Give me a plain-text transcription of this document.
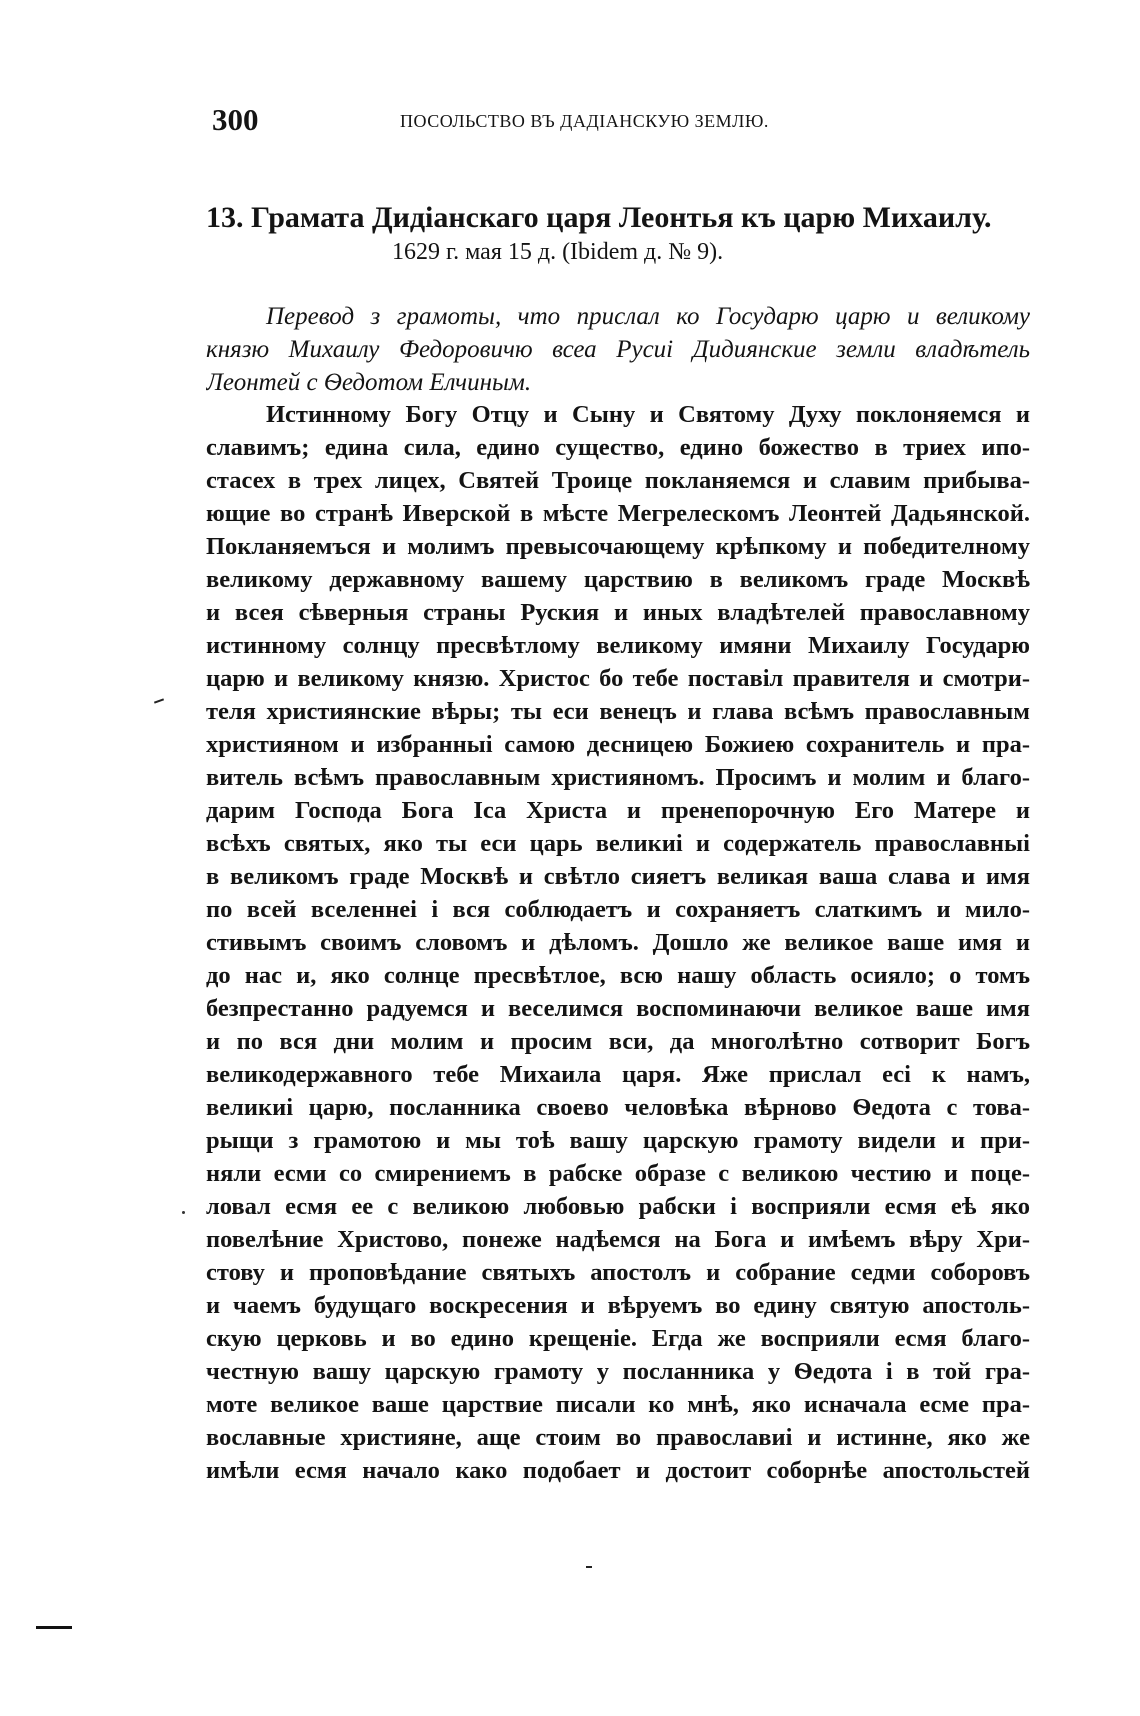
300	ПОСОЛЬСТВО ВЪ ДАДІАНСКУЮ ЗЕМЛЮ.
13. Грамата Дидіанскаго царя Леонтья къ царю Михаилу.
1629 г. мая 15 д. (Ibidem д. № 9).
Перевод з грамоты, что прислал ко Государю царю и великому
князю Михаилу Федоровичю всеа Русиі Дидиянские земли владѣтель
Леонтей с Ѳедотом Елчиным.
Истинному Богу Отцу и Сыну и Святому Духу поклоняемся и
славимъ; едина сила, едино существо, едино божество в триех ипо-
стасех в трех лицех, Святей Троице покланяемся и славим прибыва-
ющие во странѣ Иверской в мѣсте Мегрелескомъ Леонтей Дадьянской.
Покланяемъся и молимъ превысочающему крѣпкому и победителному
великому державному вашему царствию в великомъ граде Москвѣ
и всея сѣверныя страны Руския и иных владѣтелей православному
истинному солнцу пресвѣтлому великому имяни Михаилу Государю
царю и великому князю. Христос бо тебе поставіл правителя и смотри-
теля християнские вѣры; ты еси венецъ и глава всѣмъ православным
християном и избранныі самою десницею Божиею сохранитель и пра-
витель всѣмъ православным християномъ. Просимъ и молим и благо-
дарим Господа Бога Іса Христа и пренепорочную Его Матере и
всѣхъ святых, яко ты еси царь великиі и содержатель православныі
в великомъ граде Москвѣ и свѣтло сияетъ великая ваша слава и имя
по всей вселеннеі і вся соблюдаетъ и сохраняетъ слаткимъ и мило-
стивымъ своимъ словомъ и дѣломъ. Дошло же великое ваше имя и
до нас и, яко солнце пресвѣтлое, всю нашу область осияло; о томъ
безпрестанно радуемся и веселимся воспоминаючи великое ваше имя
и по вся дни молим и просим вси, да многолѣтно сотворит Богъ
великодержавного тебе Михаила царя. Яже прислал есі к намъ,
великиі царю, посланника своево человѣка вѣрново Ѳедота с това-
рыщи з грамотою и мы тоѣ вашу царскую грамоту видели и при-
няли есми со смирениемъ в рабске образе с великою честию и поце-
ловал есмя ее с великою любовью рабски і восприяли есмя еѣ яко
повелѣние Христово, понеже надѣемся на Бога и имѣемъ вѣру Хри-
стову и проповѣдание святыхъ апостолъ и собрание седми соборовъ
и чаемъ будущаго воскресения и вѣруемъ во едину святую апостоль-
скую церковь и во едино крещеніе. Егда же восприяли есмя благо-
честную вашу царскую грамоту у посланника у Ѳедота і в той гра-
моте великое ваше царствие писали ко мнѣ, яко исначала есме пра-
вославные християне, аще стоим во православиі и истинне, яко же
имѣли есмя начало како подобает и достоит соборнѣе апостольстей
